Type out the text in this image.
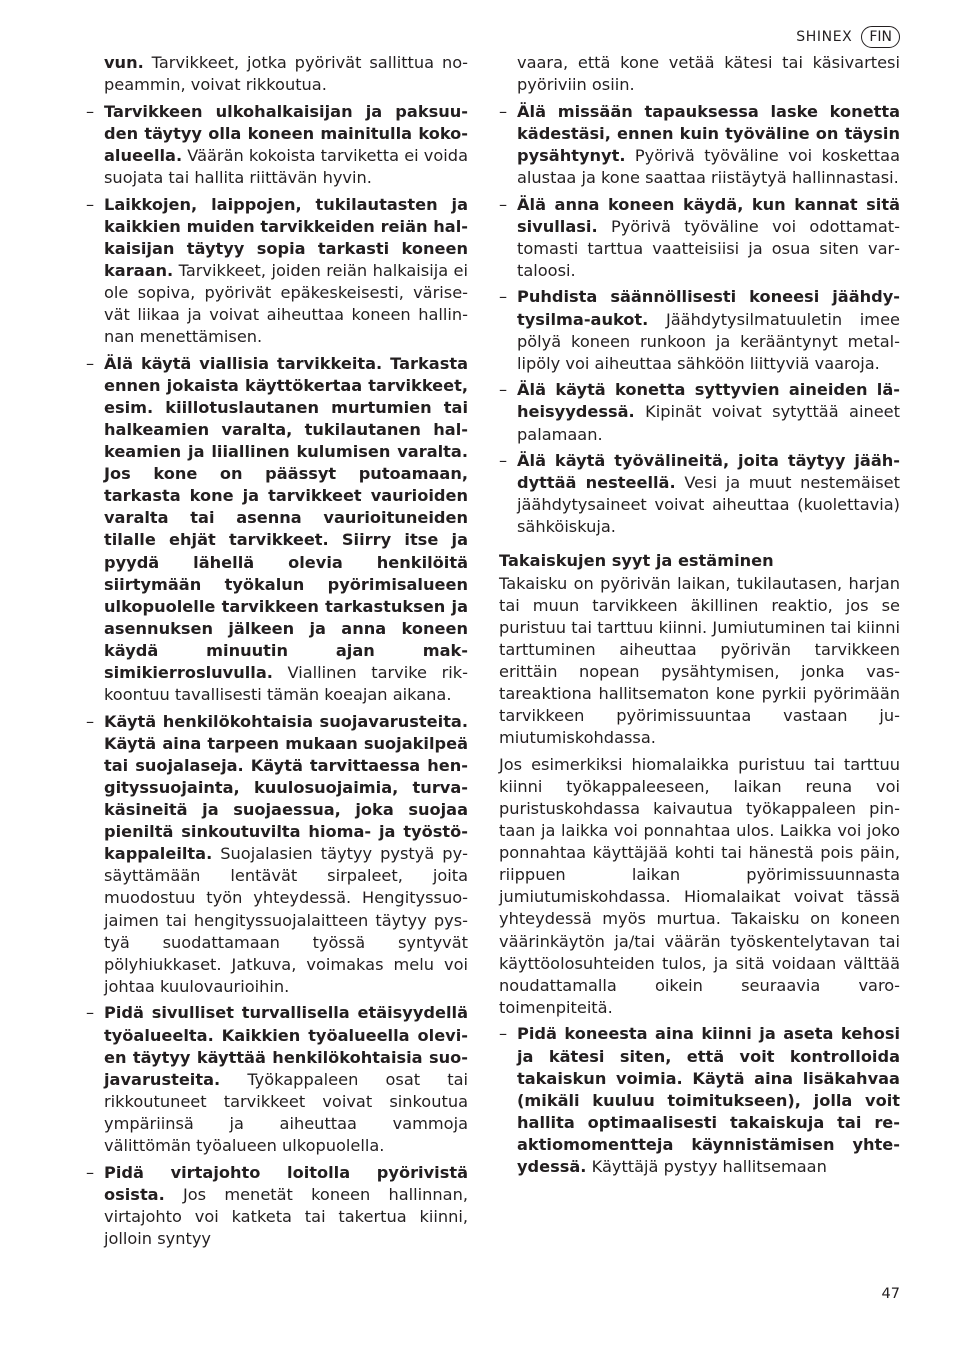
SHINEX	FIN

vun. Tarvikkeet, jotka pyörivät sallittua nopeammin, voivat rikkoutua.

– Tarvikkeen ulkohalkaisijan ja paksuuden täytyy olla koneen mainitulla kokoalueella. Väärän kokoista tarviketta ei voida suojata tai hallita riittävän hyvin.

– Laikkojen, laippojen, tukilautasten ja kaikkien muiden tarvikkeiden reiän halkaisijan täytyy sopia tarkasti koneen karaan. Tarvikkeet, joiden reiän halkaisija ei ole sopiva, pyörivät epäkeskeisesti, värisevät liikaa ja voivat aiheuttaa koneen hallinnan menettämisen.

– Älä käytä viallisia tarvikkeita. Tarkasta ennen jokaista käyttökertaa tarvikkeet, esim. kiillotuslautanen murtumien tai halkeamien varalta, tukilautanen halkeamien ja liiallinen kulumisen varalta. Jos kone on päässyt putoamaan, tarkasta kone ja tarvikkeet vaurioiden varalta tai asenna vaurioituneiden tilalle ehjät tarvikkeet. Siirry itse ja pyydä lähellä olevia henkilöitä siirtymään työkalun pyörimisalueen ulkopuolelle tarvikkeen tarkastuksen ja asennuksen jälkeen ja anna koneen käydä minuutin ajan maksimikierrosluvulla. Viallinen tarvike rikkoontuu tavallisesti tämän koeajan aikana.

– Käytä henkilökohtaisia suojavarusteita. Käytä aina tarpeen mukaan suojakilpeä tai suojalaseja. Käytä tarvittaessa hengityssuojainta, kuulosuojaimia, turvakäsineitä ja suojaessua, joka suojaa pieniltä sinkoutuvilta hioma- ja työstökappaleilta. Suojalasien täytyy pystyä pysäyttämään lentävät sirpaleet, joita muodostuu työn yhteydessä. Hengityssuojaimen tai hengityssuojalaitteen täytyy pystyä suodattamaan työssä syntyvät pölyhiukkaset. Jatkuva, voimakas melu voi johtaa kuulovaurioihin.

– Pidä sivulliset turvallisella etäisyydellä työalueelta. Kaikkien työalueella olevien täytyy käyttää henkilökohtaisia suojavarusteita. Työkappaleen osat tai rikkoutuneet tarvikkeet voivat sinkoutua ympäriinsä ja aiheuttaa vammoja välittömän työalueen ulkopuolella.

– Pidä virtajohto loitolla pyörivistä osista. Jos menetät koneen hallinnan, virtajohto voi katketa tai takertua kiinni, jolloin syntyy

vaara, että kone vetää kätesi tai käsivartesi pyöriviin osiin.

– Älä missään tapauksessa laske konetta kädestäsi, ennen kuin työväline on täysin pysähtynyt. Pyörivä työväline voi koskettaa alustaa ja kone saattaa riistäytyä hallinnastasi.

– Älä anna koneen käydä, kun kannat sitä sivullasi. Pyörivä työväline voi odottamattomasti tarttua vaatteisiisi ja osua siten vartaloosi.

– Puhdista säännöllisesti koneesi jäähdytysilma-aukot. Jäähdytysilmatuuletin imee pölyä koneen runkoon ja kerääntynyt metallipöly voi aiheuttaa sähköön liittyviä vaaroja.

– Älä käytä konetta syttyvien aineiden läheisyydessä. Kipinät voivat sytyttää aineet palamaan.

– Älä käytä työvälineitä, joita täytyy jäähdyttää nesteellä. Vesi ja muut nestemäiset jäähdytysaineet voivat aiheuttaa (kuolettavia) sähköiskuja.

Takaiskujen syyt ja estäminen

Takaisku on pyörivän laikan, tukilautasen, harjan tai muun tarvikkeen äkillinen reaktio, jos se puristuu tai tarttuu kiinni. Jumiutuminen tai kiinni tarttuminen aiheuttaa pyörivän tarvikkeen erittäin nopean pysähtymisen, jonka vastareaktiona hallitsematon kone pyrkii pyörimään tarvikkeen pyörimissuuntaa vastaan jumiutumiskohdassa.

Jos esimerkiksi hiomalaikka puristuu tai tarttuu kiinni työkappaleeseen, laikan reuna voi puristuskohdassa kaivautua työkappaleen pintaan ja laikka voi ponnahtaa ulos. Laikka voi joko ponnahtaa käyttäjää kohti tai hänestä pois päin, riippuen laikan pyörimissuunnasta jumiutumiskohdassa. Hiomalaikat voivat tässä yhteydessä myös murtua. Takaisku on koneen väärinkäytön ja/tai väärän työskentelytavan tai käyttöolosuhteiden tulos, ja sitä voidaan välttää noudattamalla oikein seuraavia varotoimenpiteitä.

– Pidä koneesta aina kiinni ja aseta kehosi ja kätesi siten, että voit kontrolloida takaiskun voimia. Käytä aina lisäkahvaa (mikäli kuuluu toimitukseen), jolla voit hallita optimaalisesti takaiskuja tai reaktiomomentteja käynnistämisen yhteydessä. Käyttäjä pystyy hallitsemaan

47
